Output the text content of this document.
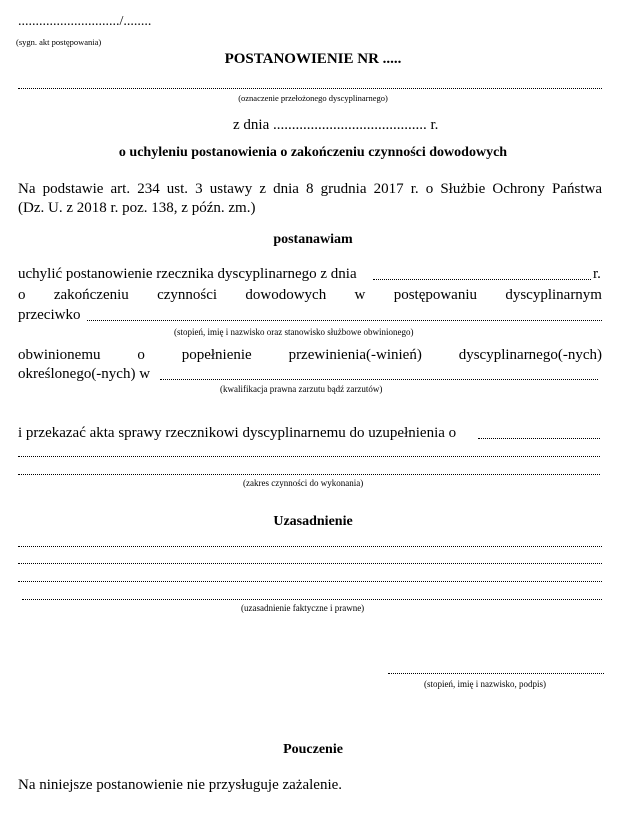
............................./........
(sygn. akt postępowania)
POSTANOWIENIE NR .....
(oznaczenie przełożonego dyscyplinarnego)
z dnia ......................................... r.
o uchyleniu postanowienia o zakończeniu czynności dowodowych
Na podstawie art. 234 ust. 3 ustawy z dnia 8 grudnia 2017 r. o Służbie Ochrony Państwa
(Dz. U. z 2018 r. poz. 138, z późn. zm.)
postanawiam
uchylić postanowienie rzecznika dyscyplinarnego z dnia	r.
o zakończeniu czynności dowodowych w postępowaniu dyscyplinarnym
przeciwko
(stopień, imię i nazwisko oraz stanowisko służbowe obwinionego)
obwinionemu o popełnienie przewinienia(-winień) dyscyplinarnego(-nych)
określonego(-nych) w
(kwalifikacja prawna zarzutu bądź zarzutów)
i przekazać akta sprawy rzecznikowi dyscyplinarnemu do uzupełnienia o
(zakres czynności do wykonania)
Uzasadnienie
(uzasadnienie faktyczne i prawne)
(stopień, imię i nazwisko, podpis)
Pouczenie
Na niniejsze postanowienie nie przysługuje zażalenie.
